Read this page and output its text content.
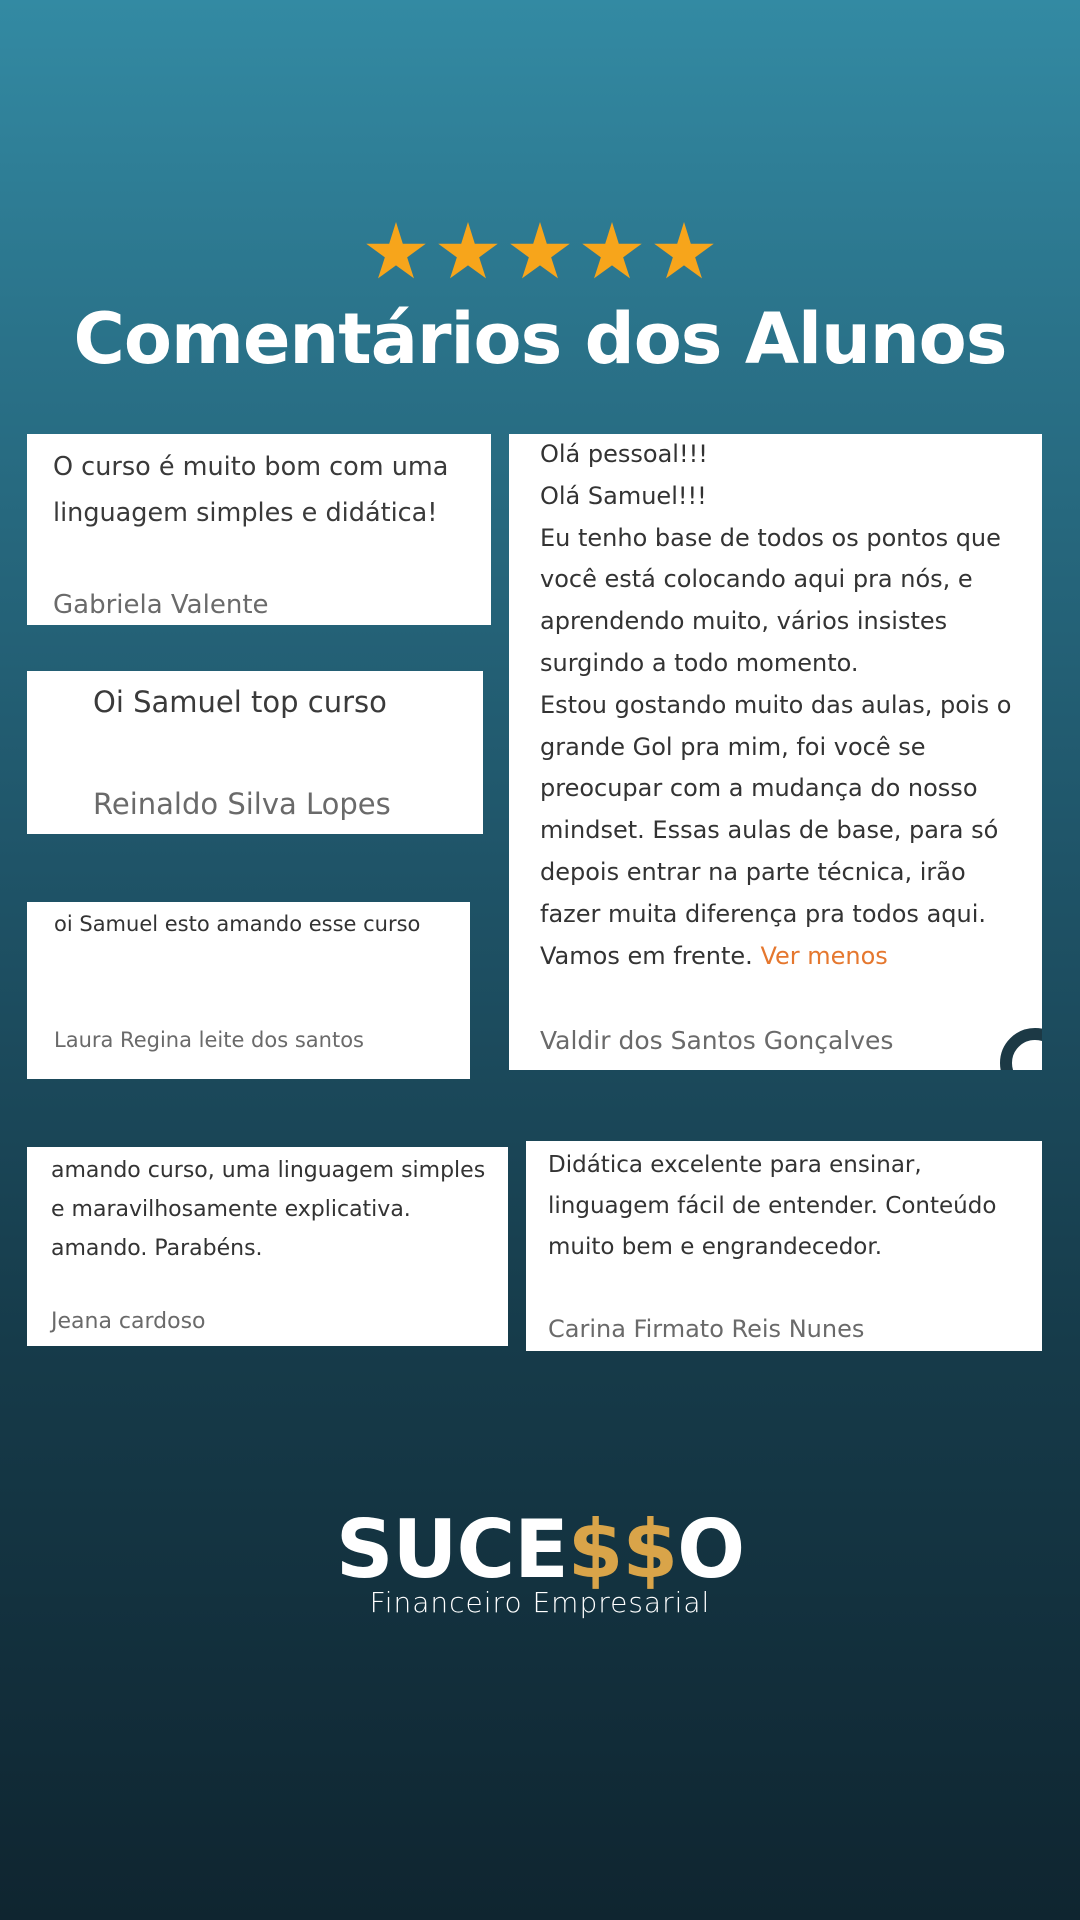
Comentários dos Alunos
O curso é muito bom com uma
linguagem simples e didática!
Gabriela Valente
Oi Samuel top curso
Reinaldo Silva Lopes
oi Samuel esto amando esse curso
Laura Regina leite dos santos
Olá pessoal!!!
Olá Samuel!!!
Eu tenho base de todos os pontos que
você está colocando aqui pra nós, e
aprendendo muito, vários insistes
surgindo a todo momento.
Estou gostando muito das aulas, pois o
grande Gol pra mim, foi você se
preocupar com a mudança do nosso
mindset. Essas aulas de base, para só
depois entrar na parte técnica, irão
fazer muita diferença pra todos aqui.
Vamos em frente. Ver menos
Valdir dos Santos Gonçalves
amando curso, uma linguagem simples
e maravilhosamente explicativa.
amando. Parabéns.
Jeana cardoso
Didática excelente para ensinar,
linguagem fácil de entender. Conteúdo
muito bem e engrandecedor.
Carina Firmato Reis Nunes
SUCE$$O
Financeiro Empresarial
